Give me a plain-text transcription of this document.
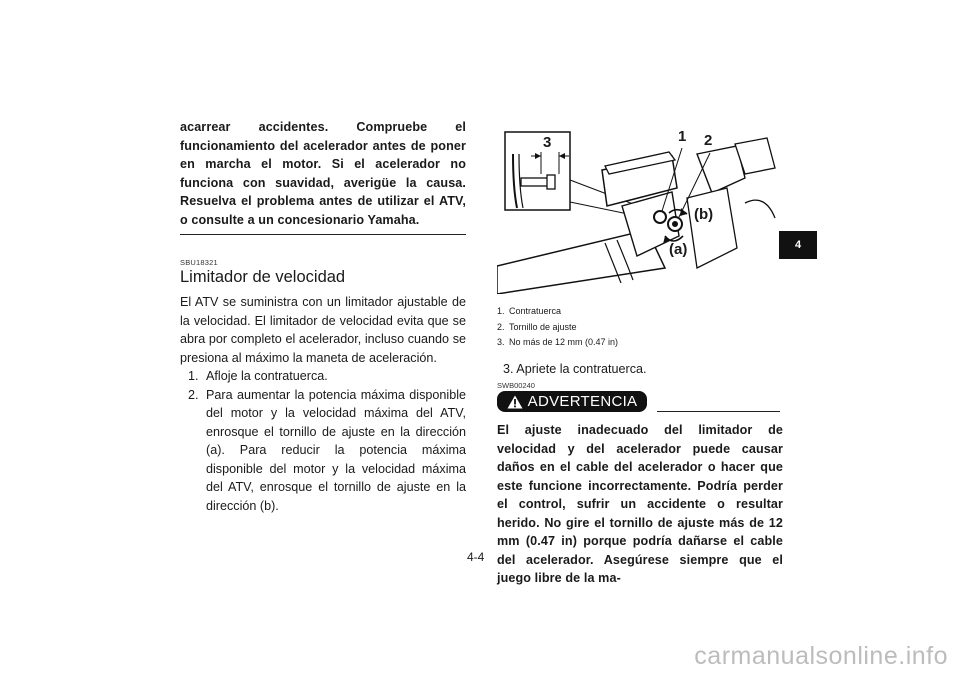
acarrear accidentes. Compruebe el funcionamiento del acelerador antes de poner en marcha el motor. Si el acelerador no funciona con suavidad, averigüe la causa. Resuelva el problema antes de utilizar el ATV, o consulte a un concesionario Yamaha.

SBU18321
Limitador de velocidad

El ATV se suministra con un limitador ajustable de la velocidad. El limitador de velocidad evita que se abra por completo el acelerador, incluso cuando se presiona al máximo la maneta de aceleración.

1. Afloje la contratuerca.
2. Para aumentar la potencia máxima disponible del motor y la velocidad máxima del ATV, enrosque el tornillo de ajuste en la dirección (a). Para reducir la potencia máxima disponible del motor y la velocidad máxima del ATV, enrosque el tornillo de ajuste en la dirección (b).
3	1 2
(b)
(a)
1. Contratuerca
2. Tornillo de ajuste
3. No más de 12 mm (0.47 in)
3. Apriete la contratuerca.
SWB00240
ADVERTENCIA

El ajuste inadecuado del limitador de velocidad y del acelerador puede causar daños en el cable del acelerador o hacer que este funcione incorrectamente. Podría perder el control, sufrir un accidente o resultar herido. No gire el tornillo de ajuste más de 12 mm (0.47 in) porque podría dañarse el cable del acelerador. Asegúrese siempre que el juego libre de la ma-

4-4
4
carmanualsonline.info
